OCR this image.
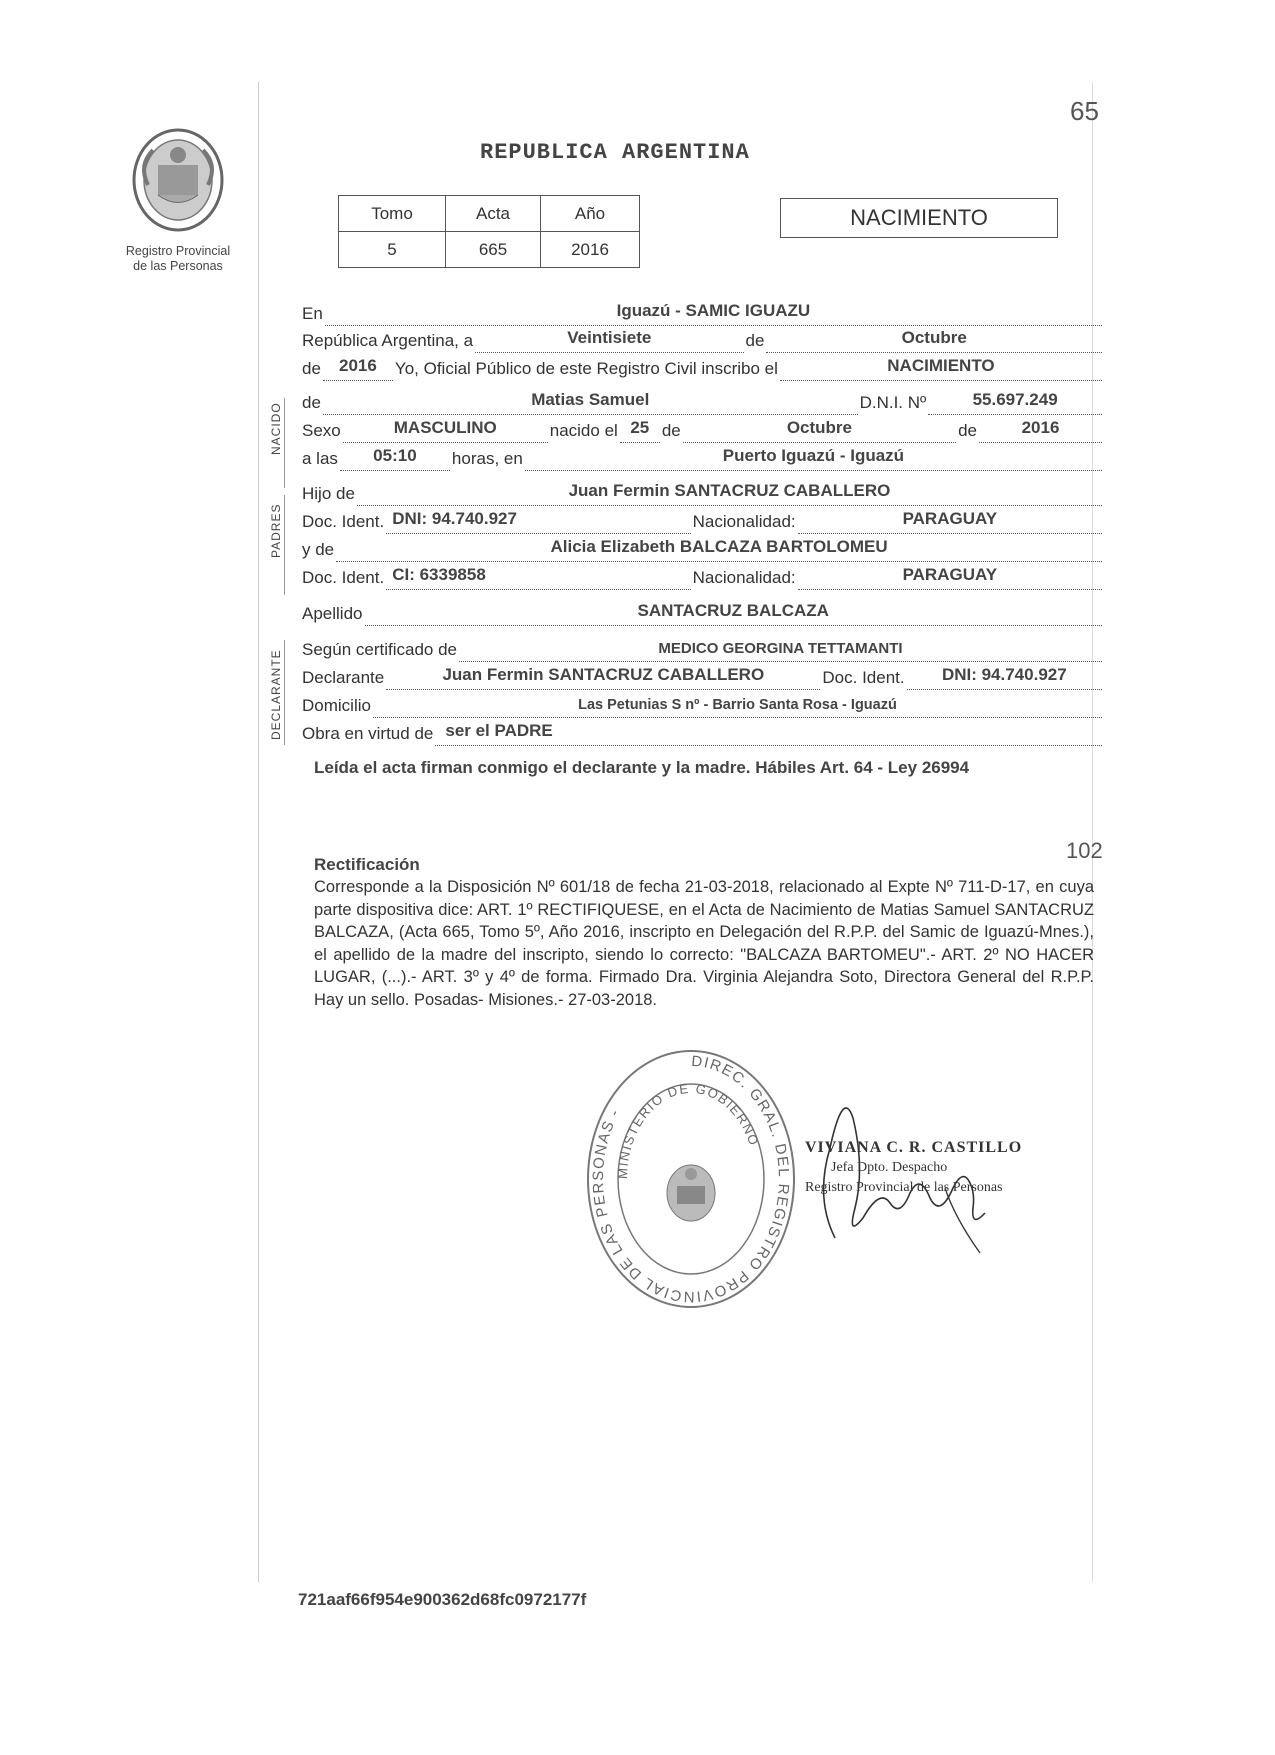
Registro Provincial
de las Personas
65
REPUBLICA ARGENTINA
Tomo	Acta	Año
5	665	2016
NACIMIENTO
NACIDO
PADRES
DECLARANTE
En	Iguazú - SAMIC IGUAZU
República Argentina, a	Veintisiete	de	Octubre
de	2016	Yo, Oficial Público de este Registro Civil inscribo el	NACIMIENTO
de	Matias Samuel	D.N.I. Nº	55.697.249
Sexo	MASCULINO	nacido el 25 de	Octubre	de	2016
a las	05:10	horas, en	Puerto Iguazú - Iguazú
Hijo de	Juan Fermin SANTACRUZ CABALLERO
Doc. Ident. DNI: 94.740.927	Nacionalidad:	PARAGUAY
y de	Alicia Elizabeth BALCAZA BARTOLOMEU
Doc. Ident. CI: 6339858	Nacionalidad:	PARAGUAY
Apellido	SANTACRUZ BALCAZA
Según certificado de	MEDICO GEORGINA TETTAMANTI
Declarante	Juan Fermin SANTACRUZ CABALLERO	Doc. Ident.	DNI: 94.740.927
Domicilio	Las Petunias S nº - Barrio Santa Rosa - Iguazú
Obra en virtud de ser el PADRE
Leída el acta firman conmigo el declarante y la madre. Hábiles Art. 64 - Ley 26994
102
Rectificación
Corresponde a la Disposición Nº 601/18 de fecha 21-03-2018, relacionado al Expte Nº 711-D-17, en cuya parte dispositiva dice: ART. 1º RECTIFIQUESE, en el Acta de Nacimiento de Matias Samuel SANTACRUZ BALCAZA, (Acta 665, Tomo 5º, Año 2016, inscripto en Delegación del R.P.P. del Samic de Iguazú-Mnes.), el apellido de la madre del inscripto, siendo lo correcto: "BALCAZA BARTOMEU".- ART. 2º NO HACER LUGAR, (...).- ART. 3º y 4º de forma. Firmado Dra. Virginia Alejandra Soto, Directora General del R.P.P. Hay un sello. Posadas- Misiones.- 27-03-2018.
DIREC. GRAL. DEL REGISTRO PROVINCIAL DE LAS PERSONAS -
MINISTERIO DE GOBIERNO	VIVIANA C. R. CASTILLO
Jefa Dpto. Despacho
Registro Provincial de las Personas
721aaf66f954e900362d68fc0972177f
